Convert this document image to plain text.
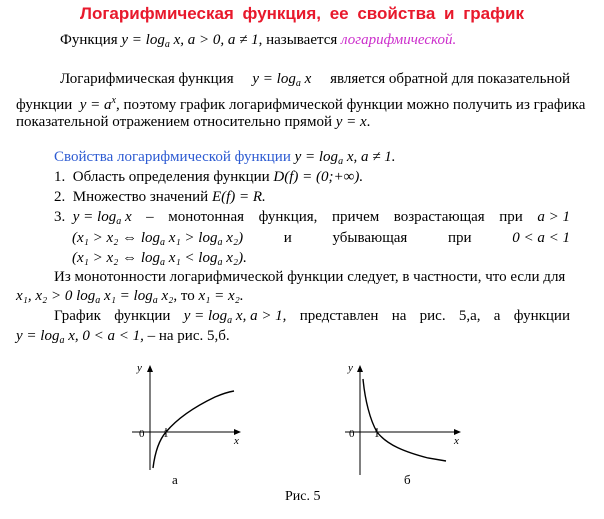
Логарифмическая функция, ее свойства и график
Функция $y = \log_a x$, a > 0, a ≠ 1, называется логарифмической.
Логарифмическая функция $y = \log_a x$ является обратной для показательной
функции $y = a^x$, поэтому график логарифмической функции можно получить из графика
показательной отражением относительно прямой y = x.
Свойства логарифмической функции $y = \log_a x$, a ≠ 1.
1. Область определения функции D(f) = (0;+∞).
2. Множество значений E(f) = R.
3. $y = \log_a x$ – монотонная функция, причем возрастающая при a > 1
(x₁ > x₂ ⇔ $\log_a x_1 > \log_a x_2$)	и	убывающая	при	0 < a < 1
(x₁ > x₂ ⇔ $\log_a x_1 < \log_a x_2$).
Из монотонности логарифмической функции следует, в частности, что если для
x₁, x₂ > 0 $\log_a x_1 = \log_a x_2$, то x₁ = x₂.
График функции $y = \log_a x$, a > 1, представлен на рис. 5,а, а функции
$y = \log_a x$, 0 < a < 1, – на рис. 5,б.
y
x
0 1
а
y
x
0 1
б
Рис. 5
